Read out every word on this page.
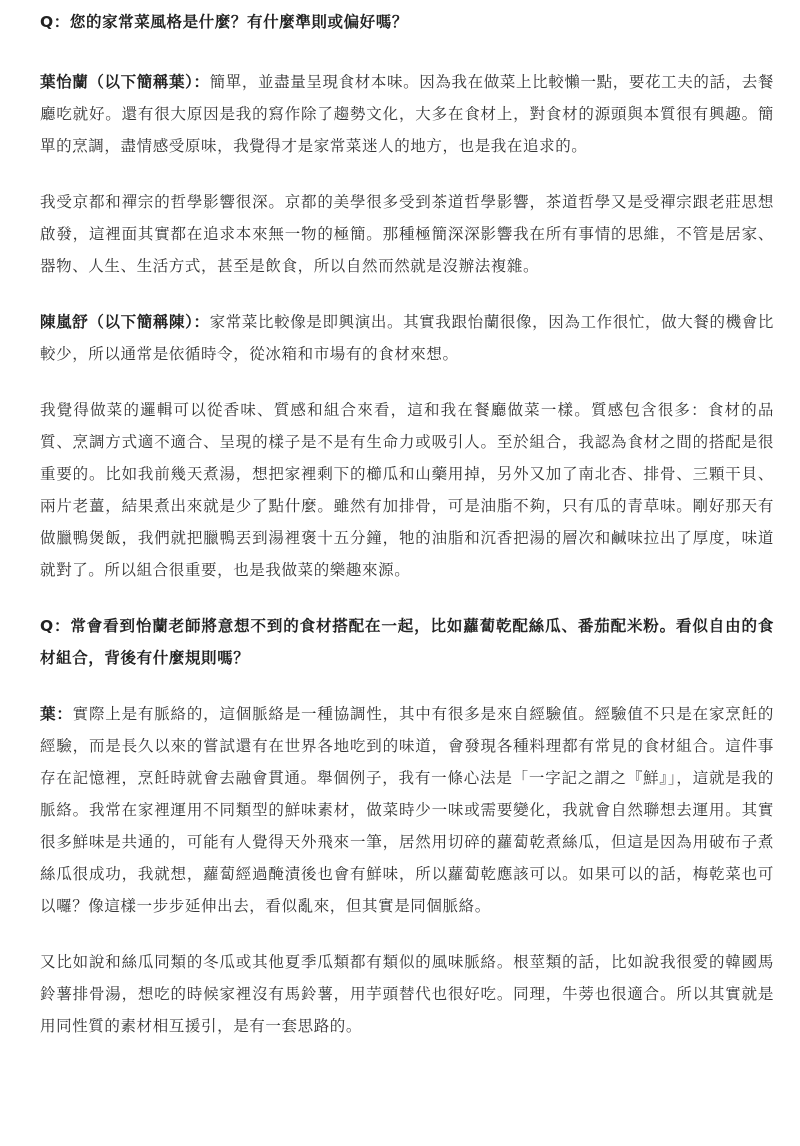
Q：您的家常菜風格是什麼？有什麼準則或偏好嗎？

葉怡蘭（以下簡稱葉）：簡單，並盡量呈現食材本味。因為我在做菜上比較懶一點，要花工夫的話，去餐廳吃就好。還有很大原因是我的寫作除了趨勢文化，大多在食材上，對食材的源頭與本質很有興趣。簡單的烹調，盡情感受原味，我覺得才是家常菜迷人的地方，也是我在追求的。

我受京都和禪宗的哲學影響很深。京都的美學很多受到茶道哲學影響，茶道哲學又是受禪宗跟老莊思想啟發，這裡面其實都在追求本來無一物的極簡。那種極簡深深影響我在所有事情的思維，不管是居家、器物、人生、生活方式，甚至是飲食，所以自然而然就是沒辦法複雜。

陳嵐舒（以下簡稱陳）：家常菜比較像是即興演出。其實我跟怡蘭很像，因為工作很忙，做大餐的機會比較少，所以通常是依循時令，從冰箱和市場有的食材來想。

我覺得做菜的邏輯可以從香味、質感和組合來看，這和我在餐廳做菜一樣。質感包含很多：食材的品質、烹調方式適不適合、呈現的樣子是不是有生命力或吸引人。至於組合，我認為食材之間的搭配是很重要的。比如我前幾天煮湯，想把家裡剩下的櫛瓜和山藥用掉，另外又加了南北杏、排骨、三顆干貝、兩片老薑，結果煮出來就是少了點什麼。雖然有加排骨，可是油脂不夠，只有瓜的青草味。剛好那天有做臘鴨煲飯，我們就把臘鴨丟到湯裡褒十五分鐘，牠的油脂和沉香把湯的層次和鹹味拉出了厚度，味道就對了。所以組合很重要，也是我做菜的樂趣來源。

Q：常會看到怡蘭老師將意想不到的食材搭配在一起，比如蘿蔔乾配絲瓜、番茄配米粉。看似自由的食材組合，背後有什麼規則嗎？

葉：實際上是有脈絡的，這個脈絡是一種協調性，其中有很多是來自經驗值。經驗值不只是在家烹飪的經驗，而是長久以來的嘗試還有在世界各地吃到的味道，會發現各種料理都有常見的食材組合。這件事存在記憶裡，烹飪時就會去融會貫通。舉個例子，我有一條心法是「一字記之謂之『鮮』」，這就是我的脈絡。我常在家裡運用不同類型的鮮味素材，做菜時少一味或需要變化，我就會自然聯想去運用。其實很多鮮味是共通的，可能有人覺得天外飛來一筆，居然用切碎的蘿蔔乾煮絲瓜，但這是因為用破布子煮絲瓜很成功，我就想，蘿蔔經過醃漬後也會有鮮味，所以蘿蔔乾應該可以。如果可以的話，梅乾菜也可以囉？像這樣一步步延伸出去，看似亂來，但其實是同個脈絡。

又比如說和絲瓜同類的冬瓜或其他夏季瓜類都有類似的風味脈絡。根莖類的話，比如說我很愛的韓國馬鈴薯排骨湯，想吃的時候家裡沒有馬鈴薯，用芋頭替代也很好吃。同理，牛蒡也很適合。所以其實就是用同性質的素材相互援引，是有一套思路的。
